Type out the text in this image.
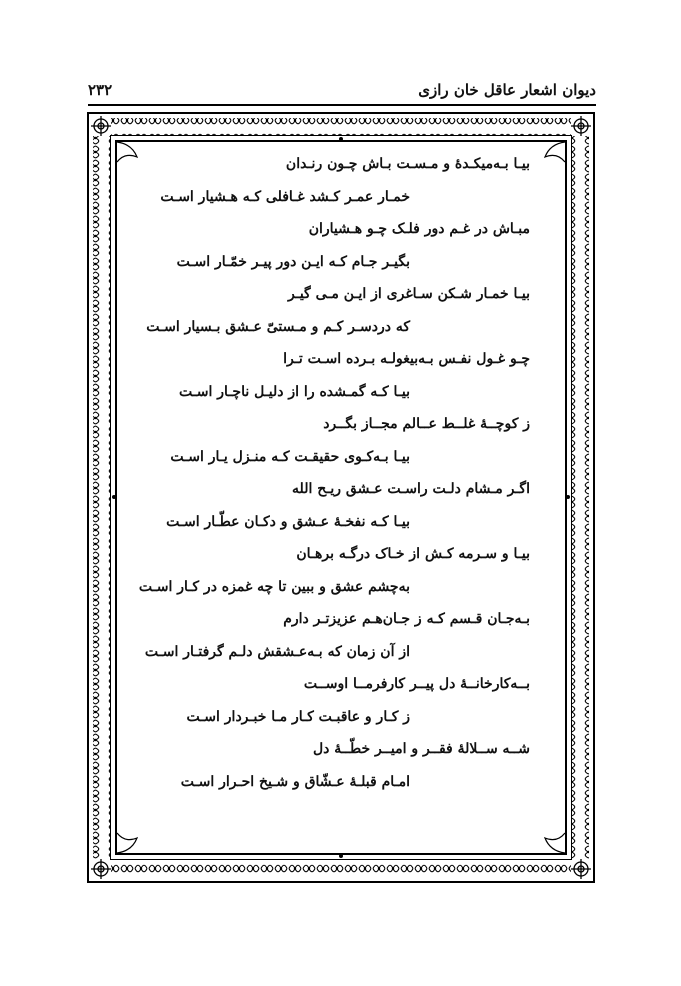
دیوان اشعار عاقل خان رازی
۲۳۲
بیـا بـه‌میکـدهٔ و مـسـت بـاش چـون رنـدان
خمـار عمـر کـشد غـافلی کـه هـشیار اسـت
مبـاش در غـم دور فلـک چـو هـشیاران
بگیـر جـام کـه ایـن دور پیـر خمّـار اسـت
بیـا خمـار شـکن سـاغری از ایـن مـی گیـر
که دردسـر کـم و مـستیّ عـشق بـسیار اسـت
چـو غـول نفـس بـه‌بیغولـه بـرده اسـت تـرا
بیـا کـه گمـشده را از دلیـل ناچـار اسـت
ز کوچــهٔ غلــط عــالم مجــاز بگــرد
بیـا بـه‌کـوی حقیقـت کـه منـزل یـار اسـت
اگـر مـشام دلـت راسـت عـشق ریـح الله
بیـا کـه نفخـهٔ عـشق و دکـان عطّـار اسـت
بیـا و سـرمه کـش از خـاک درگـه برهـان
به‌چشم عشق و ببین تا چه غمزه در کـار اسـت
بـه‌جـان قـسم کـه ز جـان‌هـم عزیزتـر دارم
از آن زمان که بـه‌عـشقش دلـم گرفتـار اسـت
بــه‌کارخانــهٔ دل پیــر کارفرمــا اوســت
ز کـار و عاقبـت کـار مـا خبـردار اسـت
شــه ســلالهٔ فقــر و امیــر خطّــهٔ دل
امـام قبلـهٔ عـشّاق و شـیخ احـرار اسـت
